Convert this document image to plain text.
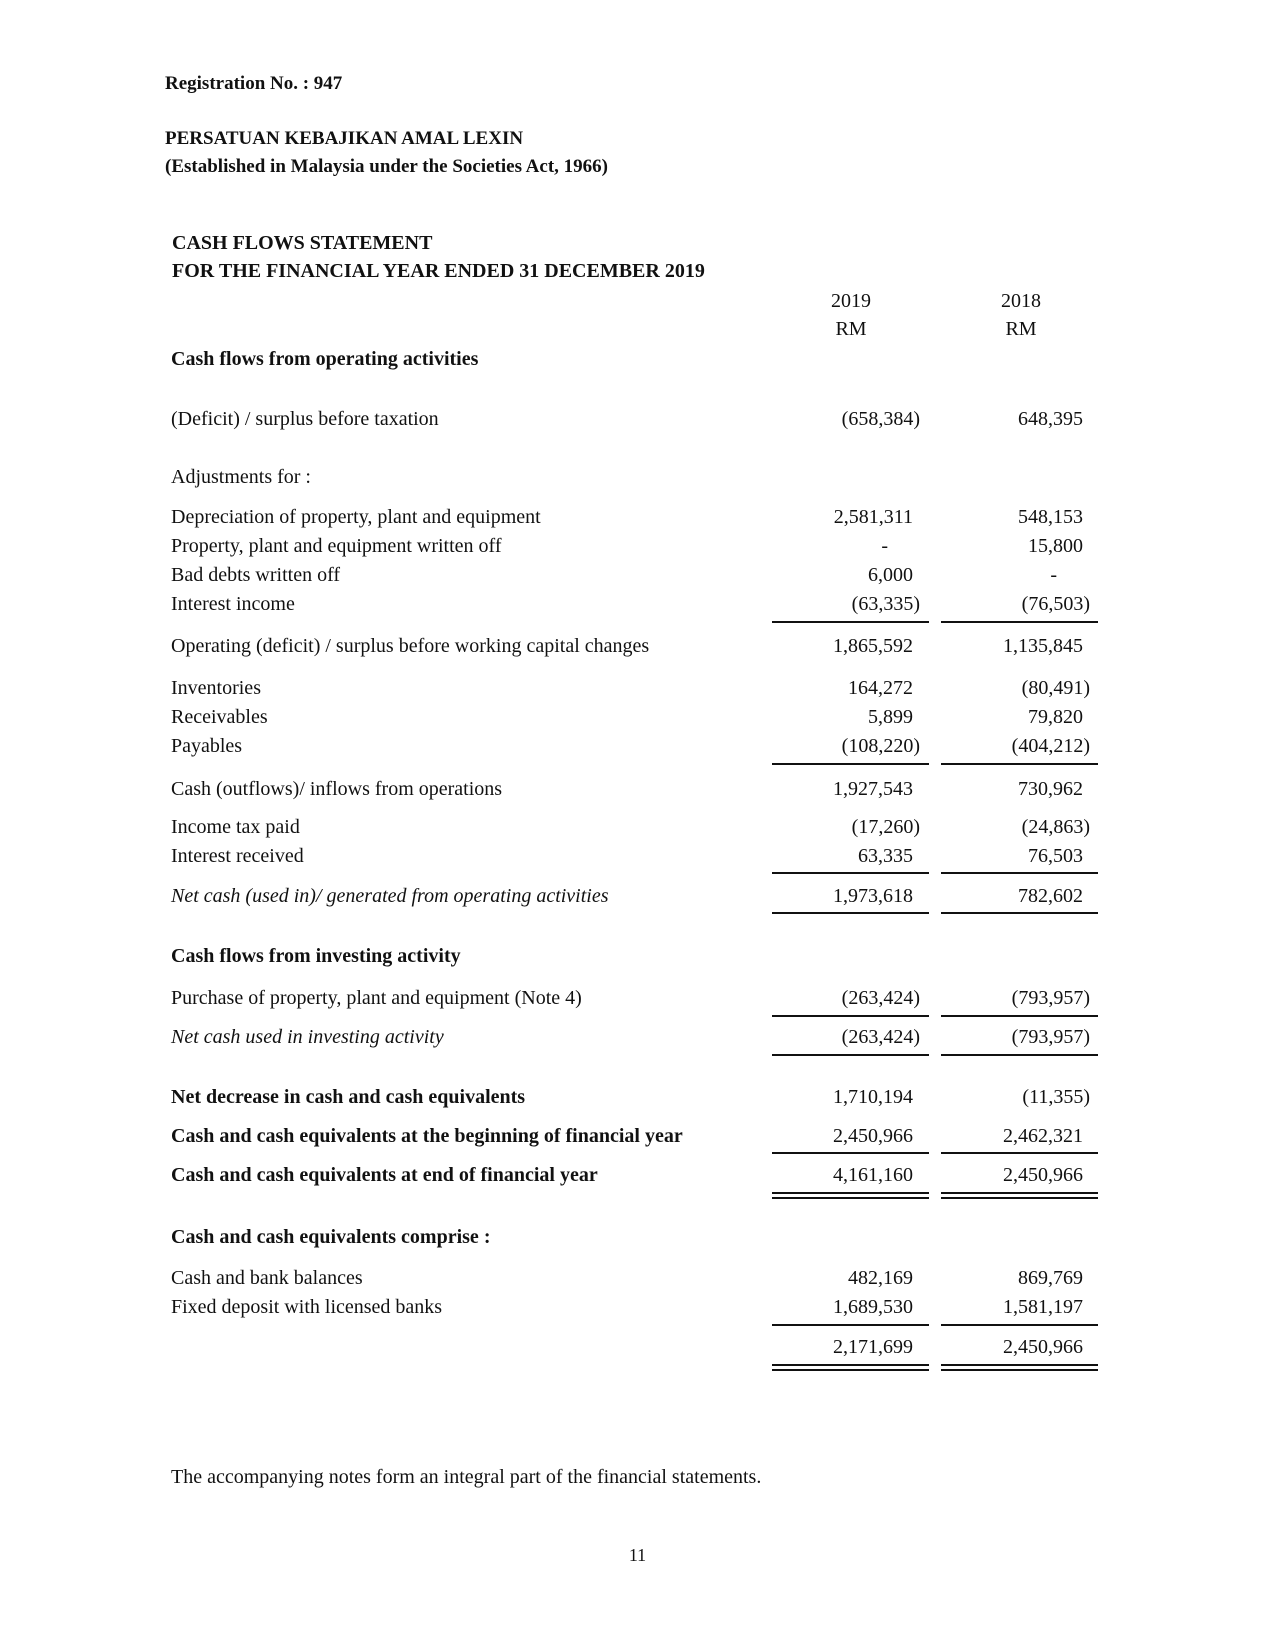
Registration No. : 947
PERSATUAN KEBAJIKAN AMAL LEXIN
(Established in Malaysia under the Societies Act, 1966)
CASH FLOWS STATEMENT
FOR THE FINANCIAL YEAR ENDED 31 DECEMBER 2019
2019	2018
RM	RM
Cash flows from operating activities
(Deficit) / surplus before taxation	(658,384)	648,395
Adjustments for :
Depreciation of property, plant and equipment	2,581,311	548,153
Property, plant and equipment written off	-	15,800
Bad debts written off	6,000	-
Interest income	(63,335)	(76,503)
Operating (deficit) / surplus before working capital changes	1,865,592	1,135,845
Inventories	164,272	(80,491)
Receivables	5,899	79,820
Payables	(108,220)	(404,212)
Cash (outflows)/ inflows from operations	1,927,543	730,962
Income tax paid	(17,260)	(24,863)
Interest received	63,335	76,503
Net cash (used in)/ generated from operating activities	1,973,618	782,602
Cash flows from investing activity
Purchase of property, plant and equipment (Note 4)	(263,424)	(793,957)
Net cash used in investing activity	(263,424)	(793,957)
Net decrease in cash and cash equivalents	1,710,194	(11,355)
Cash and cash equivalents at the beginning of financial year	2,450,966	2,462,321
Cash and cash equivalents at end of financial year	4,161,160	2,450,966
Cash and cash equivalents comprise :
Cash and bank balances	482,169	869,769
Fixed deposit with licensed banks	1,689,530	1,581,197
2,171,699	2,450,966
The accompanying notes form an integral part of the financial statements.
11
